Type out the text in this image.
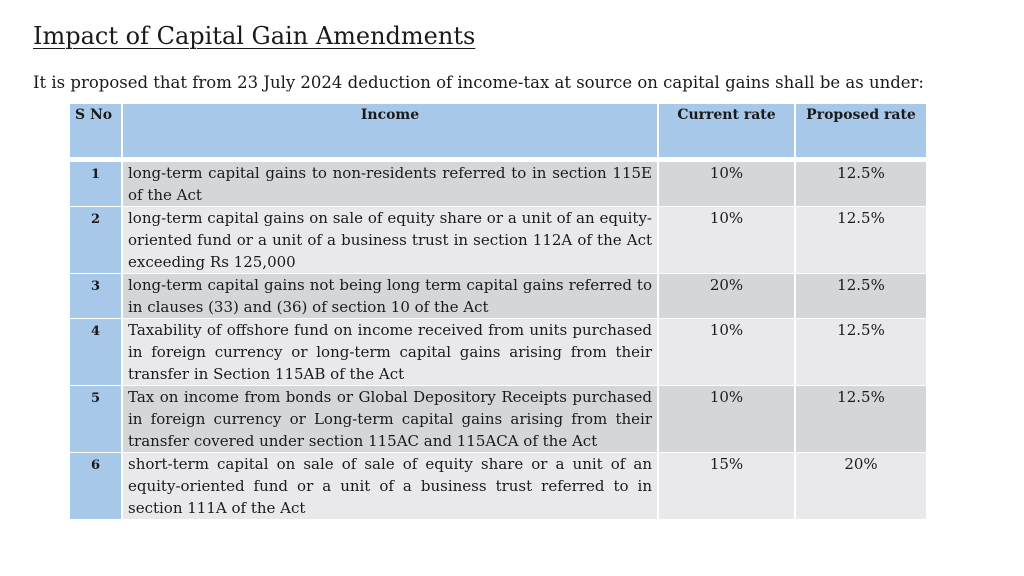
Impact of Capital Gain Amendments
It is proposed that from 23 July 2024 deduction of income-tax at source on capital gains shall be as under:
S No	Income	Current rate	Proposed rate

1	long-term capital gains to non-residents referred to in section 115E of the Act	10%	12.5%
2	long-term capital gains on sale of equity share or a unit of an equity-oriented fund or a unit of a business trust in section 112A of the Act exceeding Rs 125,000	10%	12.5%
3	long-term capital gains not being long term capital gains referred to in clauses (33) and (36) of section 10 of the Act	20%	12.5%
4	Taxability of offshore fund on income received from units purchased in foreign currency or long-term capital gains arising from their transfer in Section 115AB of the Act	10%	12.5%
5	Tax on income from bonds or Global Depository Receipts purchased in foreign currency or Long-term capital gains arising from their transfer covered under section 115AC and 115ACA of the Act	10%	12.5%
6	short-term capital on sale of sale of equity share or a unit of an equity-oriented fund or a unit of a business trust referred to in section 111A of the Act	15%	20%
